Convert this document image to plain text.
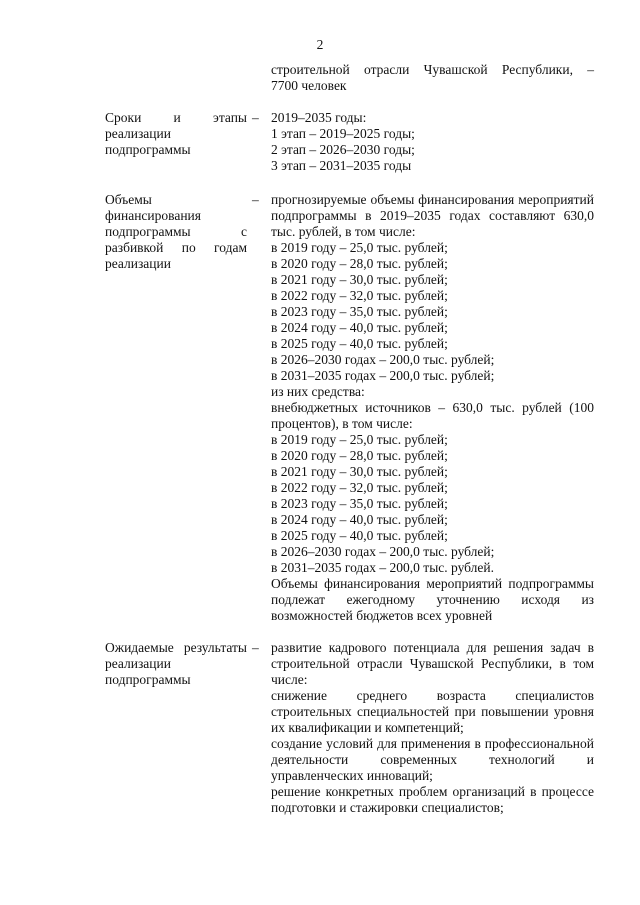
2
строительной отрасли Чувашской Республики, –
7700 человек
Сроки и этапы реализации подпрограммы
– 2019–2035 годы:
1 этап – 2019–2025 годы;
2 этап – 2026–2030 годы;
3 этап – 2031–2035 годы
Объемы финансирования подпрограммы с разбивкой по годам реализации
– прогнозируемые объемы финансирования мероприятий подпрограммы в 2019–2035 годах составляют 630,0 тыс. рублей, в том числе:
в 2019 году – 25,0 тыс. рублей;
в 2020 году – 28,0 тыс. рублей;
в 2021 году – 30,0 тыс. рублей;
в 2022 году – 32,0 тыс. рублей;
в 2023 году – 35,0 тыс. рублей;
в 2024 году – 40,0 тыс. рублей;
в 2025 году – 40,0 тыс. рублей;
в 2026–2030 годах – 200,0 тыс. рублей;
в 2031–2035 годах – 200,0 тыс. рублей;
из них средства:
внебюджетных источников – 630,0 тыс. рублей (100 процентов), в том числе:
в 2019 году – 25,0 тыс. рублей;
в 2020 году – 28,0 тыс. рублей;
в 2021 году – 30,0 тыс. рублей;
в 2022 году – 32,0 тыс. рублей;
в 2023 году – 35,0 тыс. рублей;
в 2024 году – 40,0 тыс. рублей;
в 2025 году – 40,0 тыс. рублей;
в 2026–2030 годах – 200,0 тыс. рублей;
в 2031–2035 годах – 200,0 тыс. рублей.
Объемы финансирования мероприятий подпрограммы подлежат ежегодному уточнению исходя из возможностей бюджетов всех уровней
Ожидаемые результаты реализации подпрограммы
– развитие кадрового потенциала для решения задач в строительной отрасли Чувашской Республики, в том числе:
снижение среднего возраста специалистов строительных специальностей при повышении уровня их квалификации и компетенций;
создание условий для применения в профессиональной деятельности современных технологий и управленческих инноваций;
решение конкретных проблем организаций в процессе подготовки и стажировки специалистов;
